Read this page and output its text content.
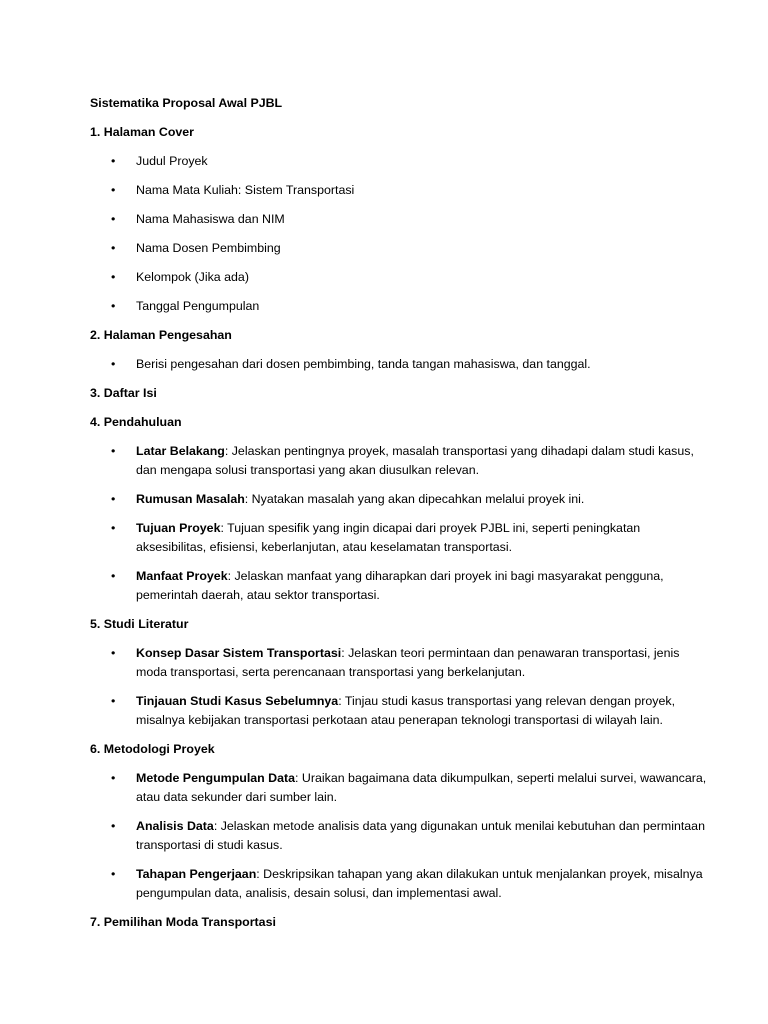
Sistematika Proposal Awal PJBL
1. Halaman Cover
• Judul Proyek
• Nama Mata Kuliah: Sistem Transportasi
• Nama Mahasiswa dan NIM
• Nama Dosen Pembimbing
• Kelompok (Jika ada)
• Tanggal Pengumpulan
2. Halaman Pengesahan
• Berisi pengesahan dari dosen pembimbing, tanda tangan mahasiswa, dan tanggal.
3. Daftar Isi
4. Pendahuluan
• Latar Belakang: Jelaskan pentingnya proyek, masalah transportasi yang dihadapi dalam studi kasus, dan mengapa solusi transportasi yang akan diusulkan relevan.
• Rumusan Masalah: Nyatakan masalah yang akan dipecahkan melalui proyek ini.
• Tujuan Proyek: Tujuan spesifik yang ingin dicapai dari proyek PJBL ini, seperti peningkatan aksesibilitas, efisiensi, keberlanjutan, atau keselamatan transportasi.
• Manfaat Proyek: Jelaskan manfaat yang diharapkan dari proyek ini bagi masyarakat pengguna, pemerintah daerah, atau sektor transportasi.
5. Studi Literatur
• Konsep Dasar Sistem Transportasi: Jelaskan teori permintaan dan penawaran transportasi, jenis moda transportasi, serta perencanaan transportasi yang berkelanjutan.
• Tinjauan Studi Kasus Sebelumnya: Tinjau studi kasus transportasi yang relevan dengan proyek, misalnya kebijakan transportasi perkotaan atau penerapan teknologi transportasi di wilayah lain.
6. Metodologi Proyek
• Metode Pengumpulan Data: Uraikan bagaimana data dikumpulkan, seperti melalui survei, wawancara, atau data sekunder dari sumber lain.
• Analisis Data: Jelaskan metode analisis data yang digunakan untuk menilai kebutuhan dan permintaan transportasi di studi kasus.
• Tahapan Pengerjaan: Deskripsikan tahapan yang akan dilakukan untuk menjalankan proyek, misalnya pengumpulan data, analisis, desain solusi, dan implementasi awal.
7. Pemilihan Moda Transportasi
